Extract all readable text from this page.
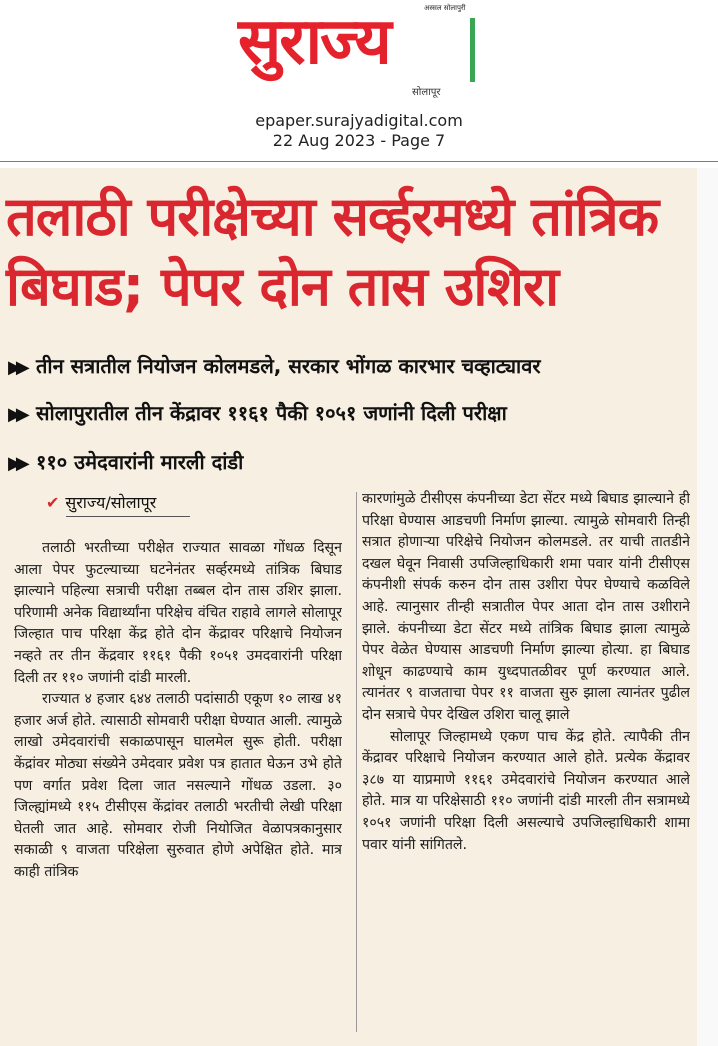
अस्सल सोलापुरी
सुराज्य
सोलापूर
epaper.surajyadigital.com
22 Aug 2023 - Page 7
तलाठी परीक्षेच्या सर्व्हरमध्ये तांत्रिक
बिघाड; पेपर दोन तास उशिरा
▶▶ तीन सत्रातील नियोजन कोलमडले, सरकार भोंगळ कारभार चव्हाट्यावर
▶▶ सोलापुरातील तीन केंद्रावर ११६१ पैकी १०५१ जणांनी दिली परीक्षा
▶▶ ११० उमेदवारांनी मारली दांडी
✔ सुराज्य/सोलापूर

तलाठी भरतीच्या परीक्षेत राज्यात सावळा गोंधळ दिसून आला पेपर फुटल्याच्या घटनेनंतर सर्व्हरमध्ये तांत्रिक बिघाड झाल्याने पहिल्या सत्राची परीक्षा तब्बल दोन तास उशिर झाला. परिणामी अनेक विद्यार्थ्यांना परिक्षेच वंचित राहावे लागले सोलापूर जिल्हात पाच परिक्षा केंद्र होते दोन केंद्रावर परिक्षाचे नियोजन नव्हते तर तीन केंद्रवार ११६१ पैकी १०५१ उमदवारांनी परिक्षा दिली तर ११० जणांनी दांडी मारली.

राज्यात ४ हजार ६४४ तलाठी पदांसाठी एकूण १० लाख ४१ हजार अर्ज होते. त्यासाठी सोमवारी परीक्षा घेण्यात आली. त्यामुळे लाखो उमेदवारांची सकाळपासून घालमेल सुरू होती. परीक्षा केंद्रांवर मोठ्या संख्येने उमेदवार प्रवेश पत्र हातात घेऊन उभे होते पण वर्गात प्रवेश दिला जात नसल्याने गोंधळ उडला. ३० जिल्ह्यांमध्ये ११५ टीसीएस केंद्रांवर तलाठी भरतीची लेखी परिक्षा घेतली जात आहे. सोमवार रोजी नियोजित वेळापत्रकानुसार सकाळी ९ वाजता परिक्षेला सुरुवात होणे अपेक्षित होते. मात्र काही तांत्रिक

कारणांमुळे टीसीएस कंपनीच्या डेटा सेंटर मध्ये बिघाड झाल्याने ही परिक्षा घेण्यास आडचणी निर्माण झाल्या. त्यामुळे सोमवारी तिन्ही सत्रात होणाऱ्या परिक्षेचे नियोजन कोलमडले. तर याची तातडीने दखल घेवून निवासी उपजिल्हाधिकारी शमा पवार यांनी टीसीएस कंपनीशी संपर्क करुन दोन तास उशीरा पेपर घेण्याचे कळविले आहे. त्यानुसार तीन्ही सत्रातील पेपर आता दोन तास उशीराने झाले. कंपनीच्या डेटा सेंटर मध्ये तांत्रिक बिघाड झाला त्यामुळे पेपर वेळेत घेण्यास आडचणी निर्माण झाल्या होत्या. हा बिघाड शोधून काढण्याचे काम युध्दपातळीवर पूर्ण करण्यात आले. त्यानंतर ९ वाजताचा पेपर ११ वाजता सुरु झाला त्यानंतर पुढील दोन सत्राचे पेपर देखिल उशिरा चालू झाले

सोलापूर जिल्हामध्ये एकण पाच केंद्र होते. त्यापैकी तीन केंद्रावर परिक्षाचे नियोजन करण्यात आले होते. प्रत्येक केंद्रावर ३८७ या याप्रमाणे ११६१ उमेदवारांचे नियोजन करण्यात आले होते. मात्र या परिक्षेसाठी ११० जणांनी दांडी मारली तीन सत्रामध्ये १०५१ जणांनी परिक्षा दिली असल्याचे उपजिल्हाधिकारी शामा पवार यांनी सांगितले.
